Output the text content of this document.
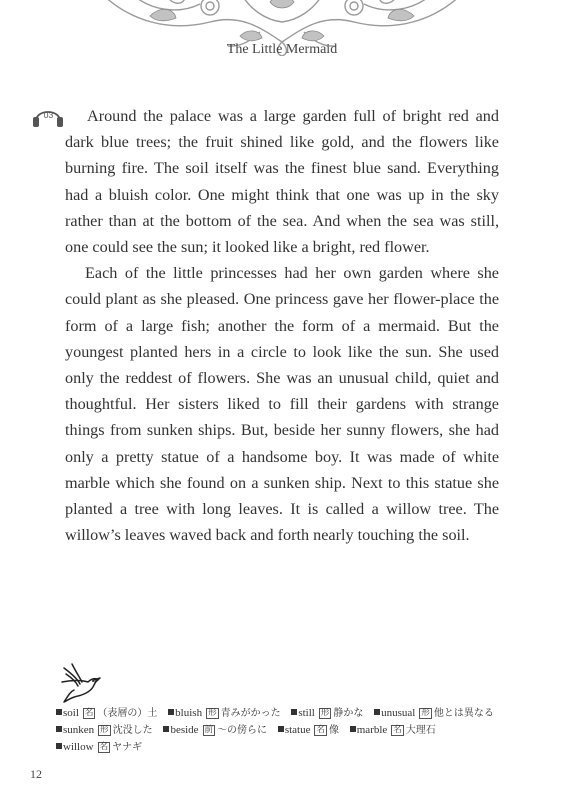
The Little Mermaid
03	Around the palace was a large garden full of bright red and dark blue trees; the fruit shined like gold, and the flowers like burning fire. The soil itself was the finest blue sand. Everything had a bluish color. One might think that one was up in the sky rather than at the bottom of the sea. And when the sea was still, one could see the sun; it looked like a bright, red flower.

Each of the little princesses had her own garden where she could plant as she pleased. One princess gave her flower-place the form of a large fish; another the form of a mermaid. But the youngest planted hers in a circle to look like the sun. She used only the reddest of flowers. She was an unusual child, quiet and thoughtful. Her sisters liked to fill their gardens with strange things from sunken ships. But, beside her sunny flowers, she had only a pretty statue of a handsome boy. It was made of white marble which she found on a sunken ship. Next to this statue she planted a tree with long leaves. It is called a willow tree. The willow’s leaves waved back and forth nearly touching the soil.

soil 名 （表層の）土 bluish 形 青みがかった still 形 静かな unusual 形 他とは異なる sunken 形 沈没した beside 前 ～の傍らに statue 名 像 marble 名 大理石 willow 名 ヤナギ
12
